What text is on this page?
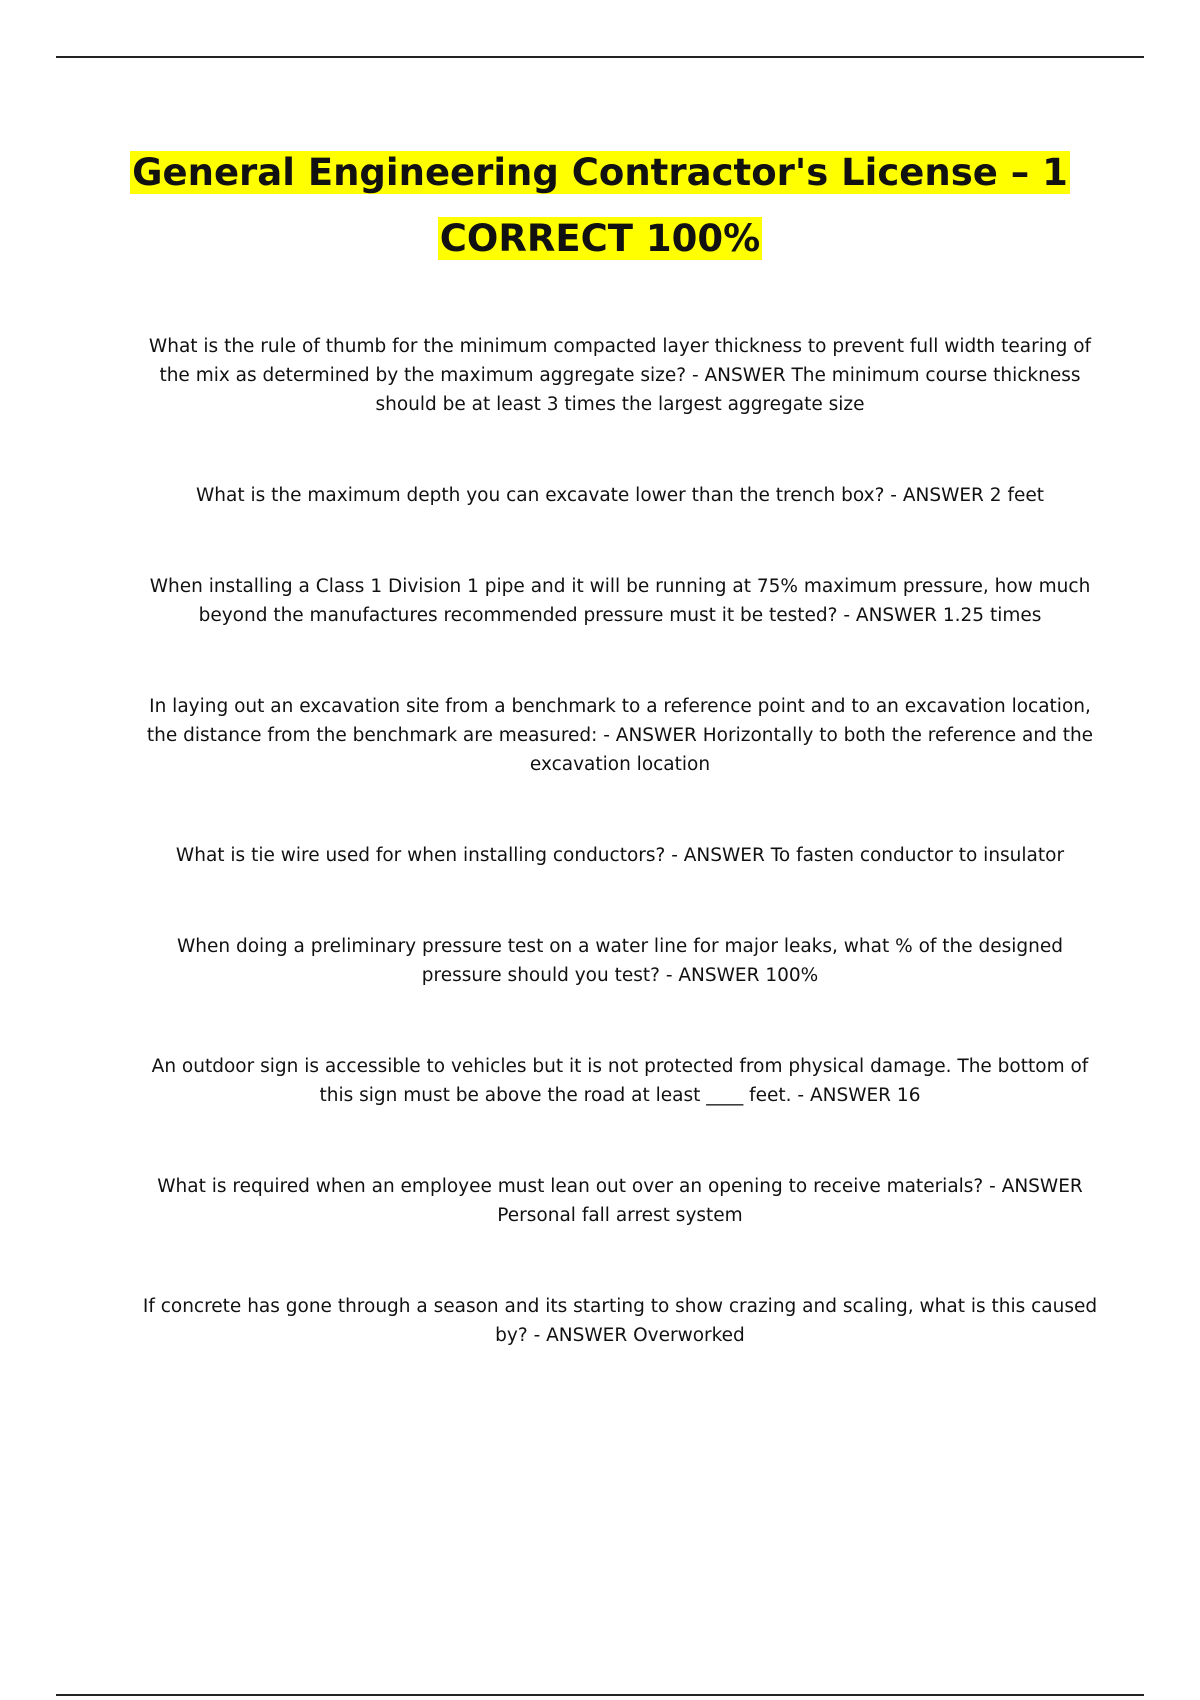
General Engineering Contractor's License – 1 CORRECT 100%

What is the rule of thumb for the minimum compacted layer thickness to prevent full width tearing of the mix as determined by the maximum aggregate size? - ANSWER The minimum course thickness should be at least 3 times the largest aggregate size

What is the maximum depth you can excavate lower than the trench box? - ANSWER 2 feet

When installing a Class 1 Division 1 pipe and it will be running at 75% maximum pressure, how much beyond the manufactures recommended pressure must it be tested? - ANSWER 1.25 times

In laying out an excavation site from a benchmark to a reference point and to an excavation location, the distance from the benchmark are measured: - ANSWER Horizontally to both the reference and the excavation location

What is tie wire used for when installing conductors? - ANSWER To fasten conductor to insulator

When doing a preliminary pressure test on a water line for major leaks, what % of the designed pressure should you test? - ANSWER 100%

An outdoor sign is accessible to vehicles but it is not protected from physical damage. The bottom of this sign must be above the road at least ____ feet. - ANSWER 16

What is required when an employee must lean out over an opening to receive materials? - ANSWER Personal fall arrest system

If concrete has gone through a season and its starting to show crazing and scaling, what is this caused by? - ANSWER Overworked
